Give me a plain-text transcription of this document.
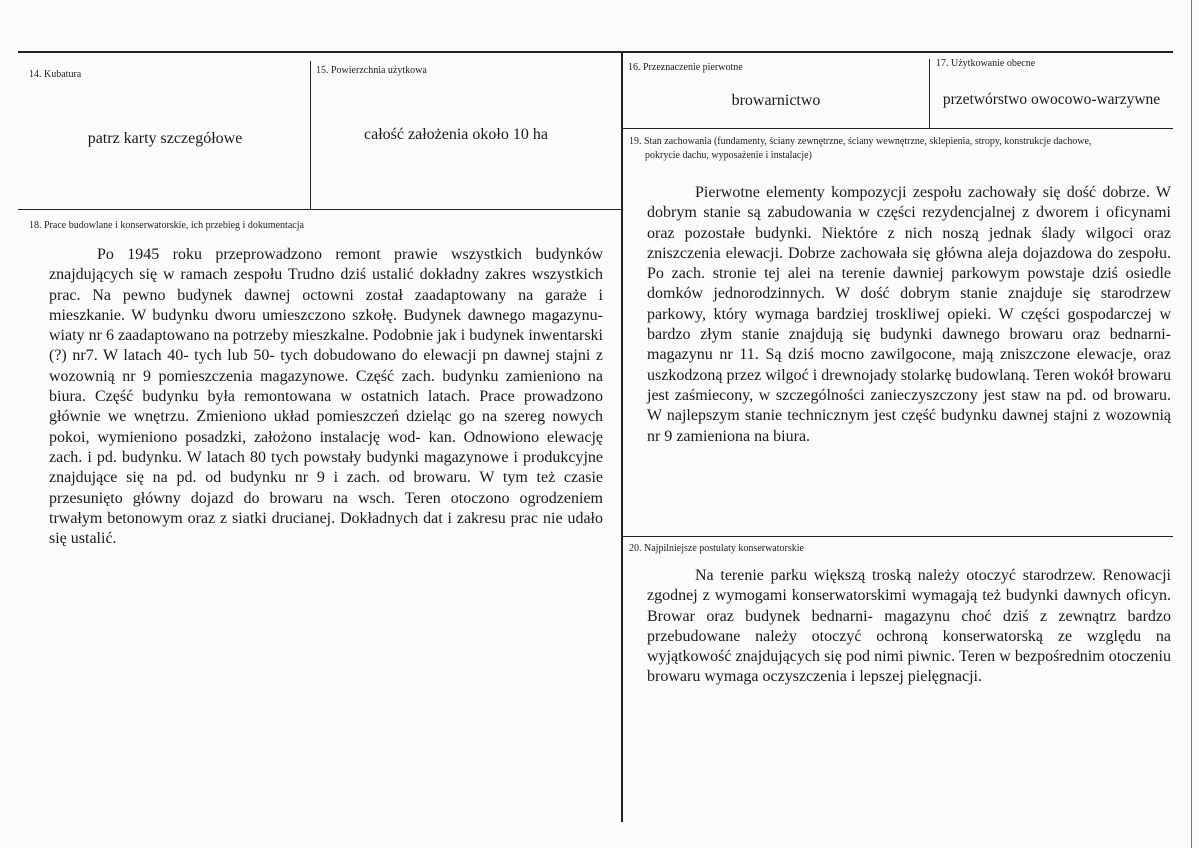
14. Kubatura
patrz karty szczegółowe
15. Powierzchnia użytkowa
całość założenia około 10 ha
16. Przeznaczenie pierwotne
browarnictwo
17. Użytkowanie obecne
przetwórstwo owocowo-warzywne
18. Prace budowlane i konserwatorskie, ich przebieg i dokumentacja

Po 1945 roku przeprowadzono remont prawie wszystkich budynków znajdujących się w ramach zespołu Trudno dziś ustalić dokładny zakres wszystkich prac. Na pewno budynek dawnej octowni został zaadaptowany na garaże i mieszkanie. W budynku dworu umieszczono szkołę. Budynek dawnego magazynu- wiaty nr 6 zaadaptowano na potrzeby mieszkalne. Podobnie jak i budynek inwentarski (?) nr7. W latach 40- tych lub 50- tych dobudowano do elewacji pn dawnej stajni z wozownią nr 9 pomieszczenia magazynowe. Część zach. budynku zamieniono na biura. Część budynku była remontowana w ostatnich latach. Prace prowadzono głównie we wnętrzu. Zmieniono układ pomieszczeń dzieląc go na szereg nowych pokoi, wymieniono posadzki, założono instalację wod- kan. Odnowiono elewację zach. i pd. budynku. W latach 80 tych powstały budynki magazynowe i produkcyjne znajdujące się na pd. od budynku nr 9 i zach. od browaru. W tym też czasie przesunięto główny dojazd do browaru na wsch. Teren otoczono ogrodzeniem trwałym betonowym oraz z siatki drucianej. Dokładnych dat i zakresu prac nie udało się ustalić.

19. Stan zachowania (fundamenty, ściany zewnętrzne, ściany wewnętrzne, sklepienia, stropy, konstrukcje dachowe,
pokrycie dachu, wyposażenie i instalacje)

Pierwotne elementy kompozycji zespołu zachowały się dość dobrze. W dobrym stanie są zabudowania w części rezydencjalnej z dworem i oficynami oraz pozostałe budynki. Niektóre z nich noszą jednak ślady wilgoci oraz zniszczenia elewacji. Dobrze zachowała się główna aleja dojazdowa do zespołu. Po zach. stronie tej alei na terenie dawniej parkowym powstaje dziś osiedle domków jednorodzinnych. W dość dobrym stanie znajduje się starodrzew parkowy, który wymaga bardziej troskliwej opieki. W części gospodarczej w bardzo złym stanie znajdują się budynki dawnego browaru oraz bednarni- magazynu nr 11. Są dziś mocno zawilgocone, mają zniszczone elewacje, oraz uszkodzoną przez wilgoć i drewnojady stolarkę budowlaną. Teren wokół browaru jest zaśmiecony, w szczególności zanieczyszczony jest staw na pd. od browaru. W najlepszym stanie technicznym jest część budynku dawnej stajni z wozownią nr 9 zamieniona na biura.

20. Najpilniejsze postulaty konserwatorskie

Na terenie parku większą troską należy otoczyć starodrzew. Renowacji zgodnej z wymogami konserwatorskimi wymagają też budynki dawnych oficyn. Browar oraz budynek bednarni- magazynu choć dziś z zewnątrz bardzo przebudowane należy otoczyć ochroną konserwatorską ze względu na wyjątkowość znajdujących się pod nimi piwnic. Teren w bezpośrednim otoczeniu browaru wymaga oczyszczenia i lepszej pielęgnacji.
